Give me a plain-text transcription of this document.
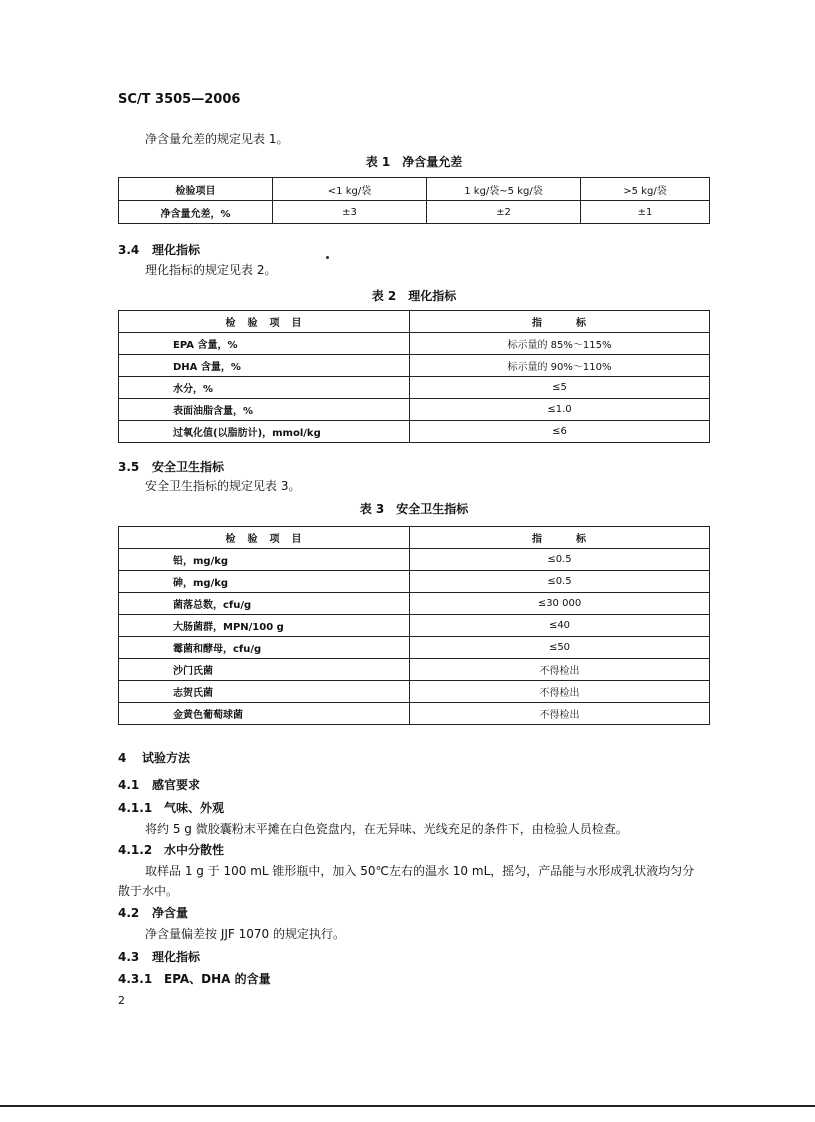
SC/T 3505—2006
净含量允差的规定见表 1。
表 1　净含量允差
检验项目	<1 kg/袋	1 kg/袋~5 kg/袋	>5 kg/袋
净含量允差，%	±3	±2	±1
3.4 理化指标
理化指标的规定见表 2。
表 2　理化指标
检　验　项　目	指　　　标
EPA 含量，%	标示量的 85%～115%
DHA 含量，%	标示量的 90%～110%
水分，%	≤5
表面油脂含量，%	≤1.0
过氧化值(以脂肪计)，mmol/kg	≤6
3.5 安全卫生指标
安全卫生指标的规定见表 3。
表 3　安全卫生指标
检　验　项　目	指　　　标
铅，mg/kg	≤0.5
砷，mg/kg	≤0.5
菌落总数，cfu/g	≤30 000
大肠菌群，MPN/100 g	≤40
霉菌和酵母，cfu/g	≤50
沙门氏菌	不得检出
志贺氏菌	不得检出
金黄色葡萄球菌	不得检出
4 试验方法
4.1 感官要求
4.1.1 气味、外观
将约 5 g 微胶囊粉末平摊在白色瓷盘内，在无异味、光线充足的条件下，由检验人员检查。
4.1.2 水中分散性
取样品 1 g 于 100 mL 锥形瓶中，加入 50℃左右的温水 10 mL，摇匀，产品能与水形成乳状液均匀分
散于水中。
4.2 净含量
净含量偏差按 JJF 1070 的规定执行。
4.3 理化指标
4.3.1 EPA、DHA 的含量
2
